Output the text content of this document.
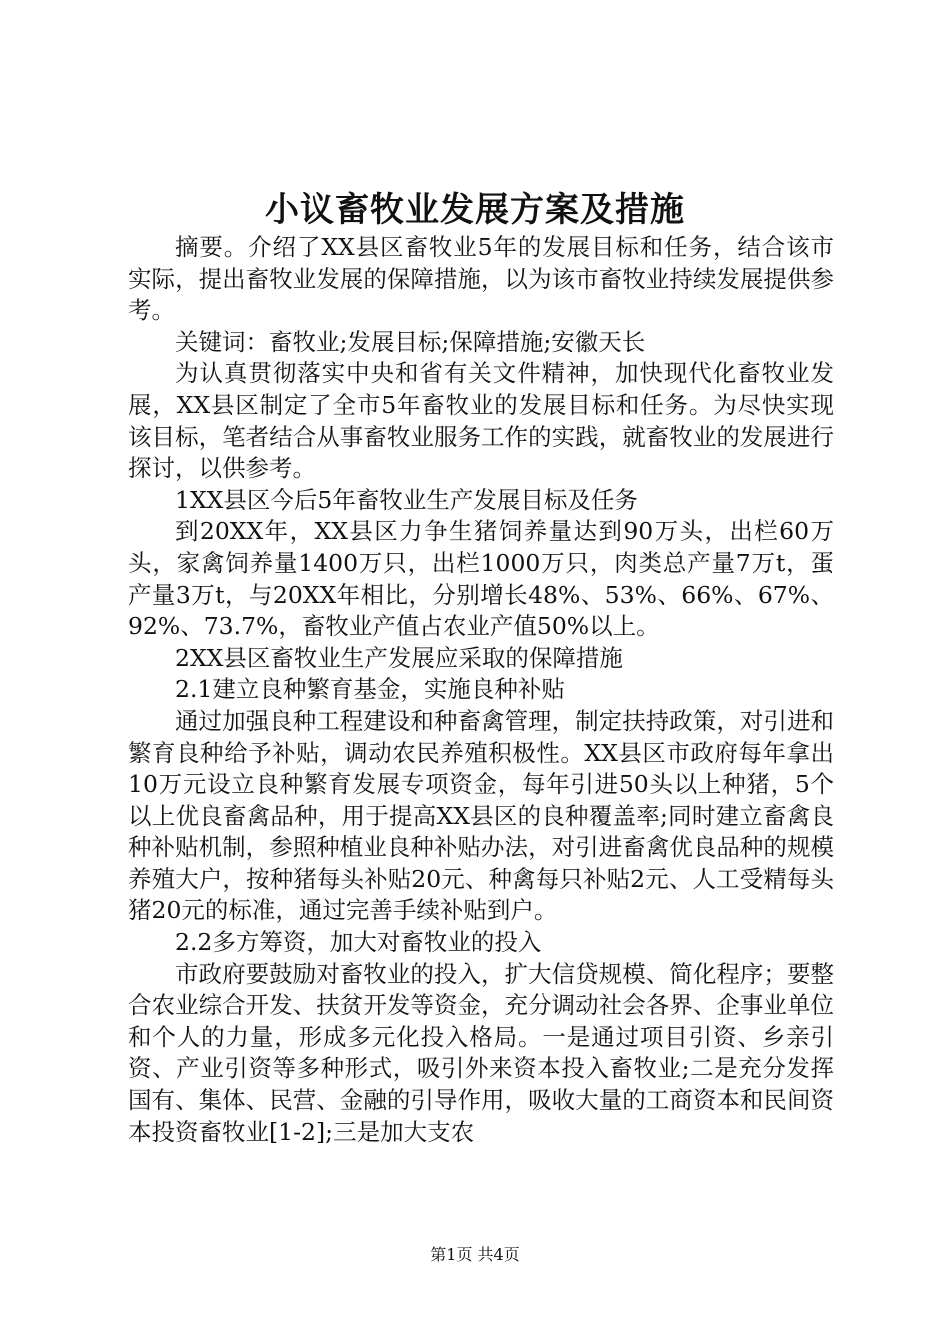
小议畜牧业发展方案及措施

摘要。介绍了XX县区畜牧业5年的发展目标和任务，结合该市实际，提出畜牧业发展的保障措施，以为该市畜牧业持续发展提供参考。

关键词：畜牧业;发展目标;保障措施;安徽天长

为认真贯彻落实中央和省有关文件精神，加快现代化畜牧业发展，XX县区制定了全市5年畜牧业的发展目标和任务。为尽快实现该目标，笔者结合从事畜牧业服务工作的实践，就畜牧业的发展进行探讨，以供参考。

1XX县区今后5年畜牧业生产发展目标及任务

到20XX年，XX县区力争生猪饲养量达到90万头，出栏60万头，家禽饲养量1400万只，出栏1000万只，肉类总产量7万t，蛋产量3万t，与20XX年相比，分别增长48%、53%、66%、67%、92%、73.7%，畜牧业产值占农业产值50%以上。

2XX县区畜牧业生产发展应采取的保障措施

2.1建立良种繁育基金，实施良种补贴

通过加强良种工程建设和种畜禽管理，制定扶持政策，对引进和繁育良种给予补贴，调动农民养殖积极性。XX县区市政府每年拿出10万元设立良种繁育发展专项资金，每年引进50头以上种猪，5个以上优良畜禽品种，用于提高XX县区的良种覆盖率;同时建立畜禽良种补贴机制，参照种植业良种补贴办法，对引进畜禽优良品种的规模养殖大户，按种猪每头补贴20元、种禽每只补贴2元、人工受精每头猪20元的标准，通过完善手续补贴到户。

2.2多方筹资，加大对畜牧业的投入

市政府要鼓励对畜牧业的投入，扩大信贷规模、简化程序；要整合农业综合开发、扶贫开发等资金，充分调动社会各界、企事业单位和个人的力量，形成多元化投入格局。一是通过项目引资、乡亲引资、产业引资等多种形式，吸引外来资本投入畜牧业;二是充分发挥国有、集体、民营、金融的引导作用，吸收大量的工商资本和民间资本投资畜牧业[1-2];三是加大支农

第1页 共4页
